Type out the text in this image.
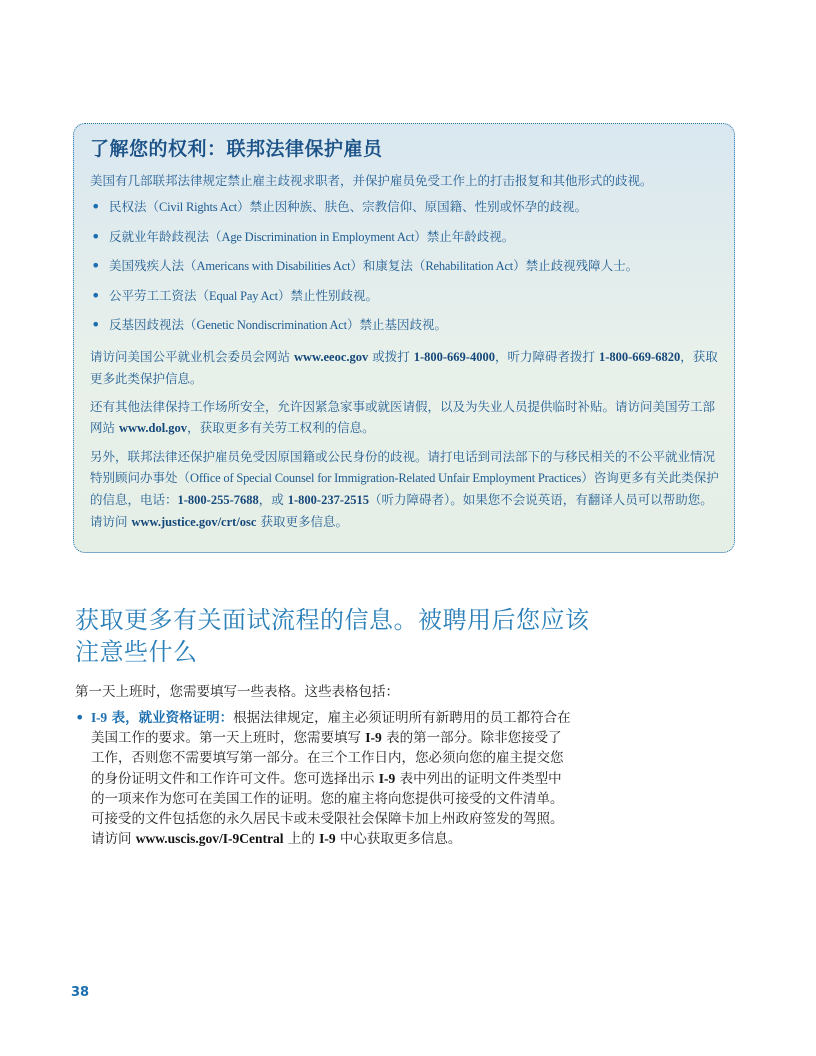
了解您的权利：联邦法律保护雇员

美国有几部联邦法律规定禁止雇主歧视求职者，并保护雇员免受工作上的打击报复和其他形式的歧视。

• 民权法（Civil Rights Act）禁止因种族、肤色、宗教信仰、原国籍、性别或怀孕的歧视。
• 反就业年龄歧视法（Age Discrimination in Employment Act）禁止年龄歧视。
• 美国残疾人法（Americans with Disabilities Act）和康复法（Rehabilitation Act）禁止歧视残障人士。
• 公平劳工工资法（Equal Pay Act）禁止性别歧视。
• 反基因歧视法（Genetic Nondiscrimination Act）禁止基因歧视。

请访问美国公平就业机会委员会网站 www.eeoc.gov 或拨打 1-800-669-4000，听力障碍者拨打 1-800-669-6820，获取更多此类保护信息。

还有其他法律保持工作场所安全，允许因紧急家事或就医请假，以及为失业人员提供临时补贴。请访问美国劳工部网站 www.dol.gov，获取更多有关劳工权利的信息。

另外，联邦法律还保护雇员免受因原国籍或公民身份的歧视。请打电话到司法部下的与移民相关的不公平就业情况特别顾问办事处（Office of Special Counsel for Immigration-Related Unfair Employment Practices）咨询更多有关此类保护的信息，电话：1-800-255-7688，或 1-800-237-2515（听力障碍者）。如果您不会说英语，有翻译人员可以帮助您。请访问 www.justice.gov/crt/osc 获取更多信息。

获取更多有关面试流程的信息。被聘用后您应该注意些什么

第一天上班时，您需要填写一些表格。这些表格包括：

• I-9 表，就业资格证明：根据法律规定，雇主必须证明所有新聘用的员工都符合在美国工作的要求。第一天上班时，您需要填写 I-9 表的第一部分。除非您接受了工作，否则您不需要填写第一部分。在三个工作日内，您必须向您的雇主提交您的身份证明文件和工作许可文件。您可选择出示 I-9 表中列出的证明文件类型中的一项来作为您可在美国工作的证明。您的雇主将向您提供可接受的文件清单。可接受的文件包括您的永久居民卡或未受限社会保障卡加上州政府签发的驾照。请访问 www.uscis.gov/I-9Central 上的 I-9 中心获取更多信息。
38
